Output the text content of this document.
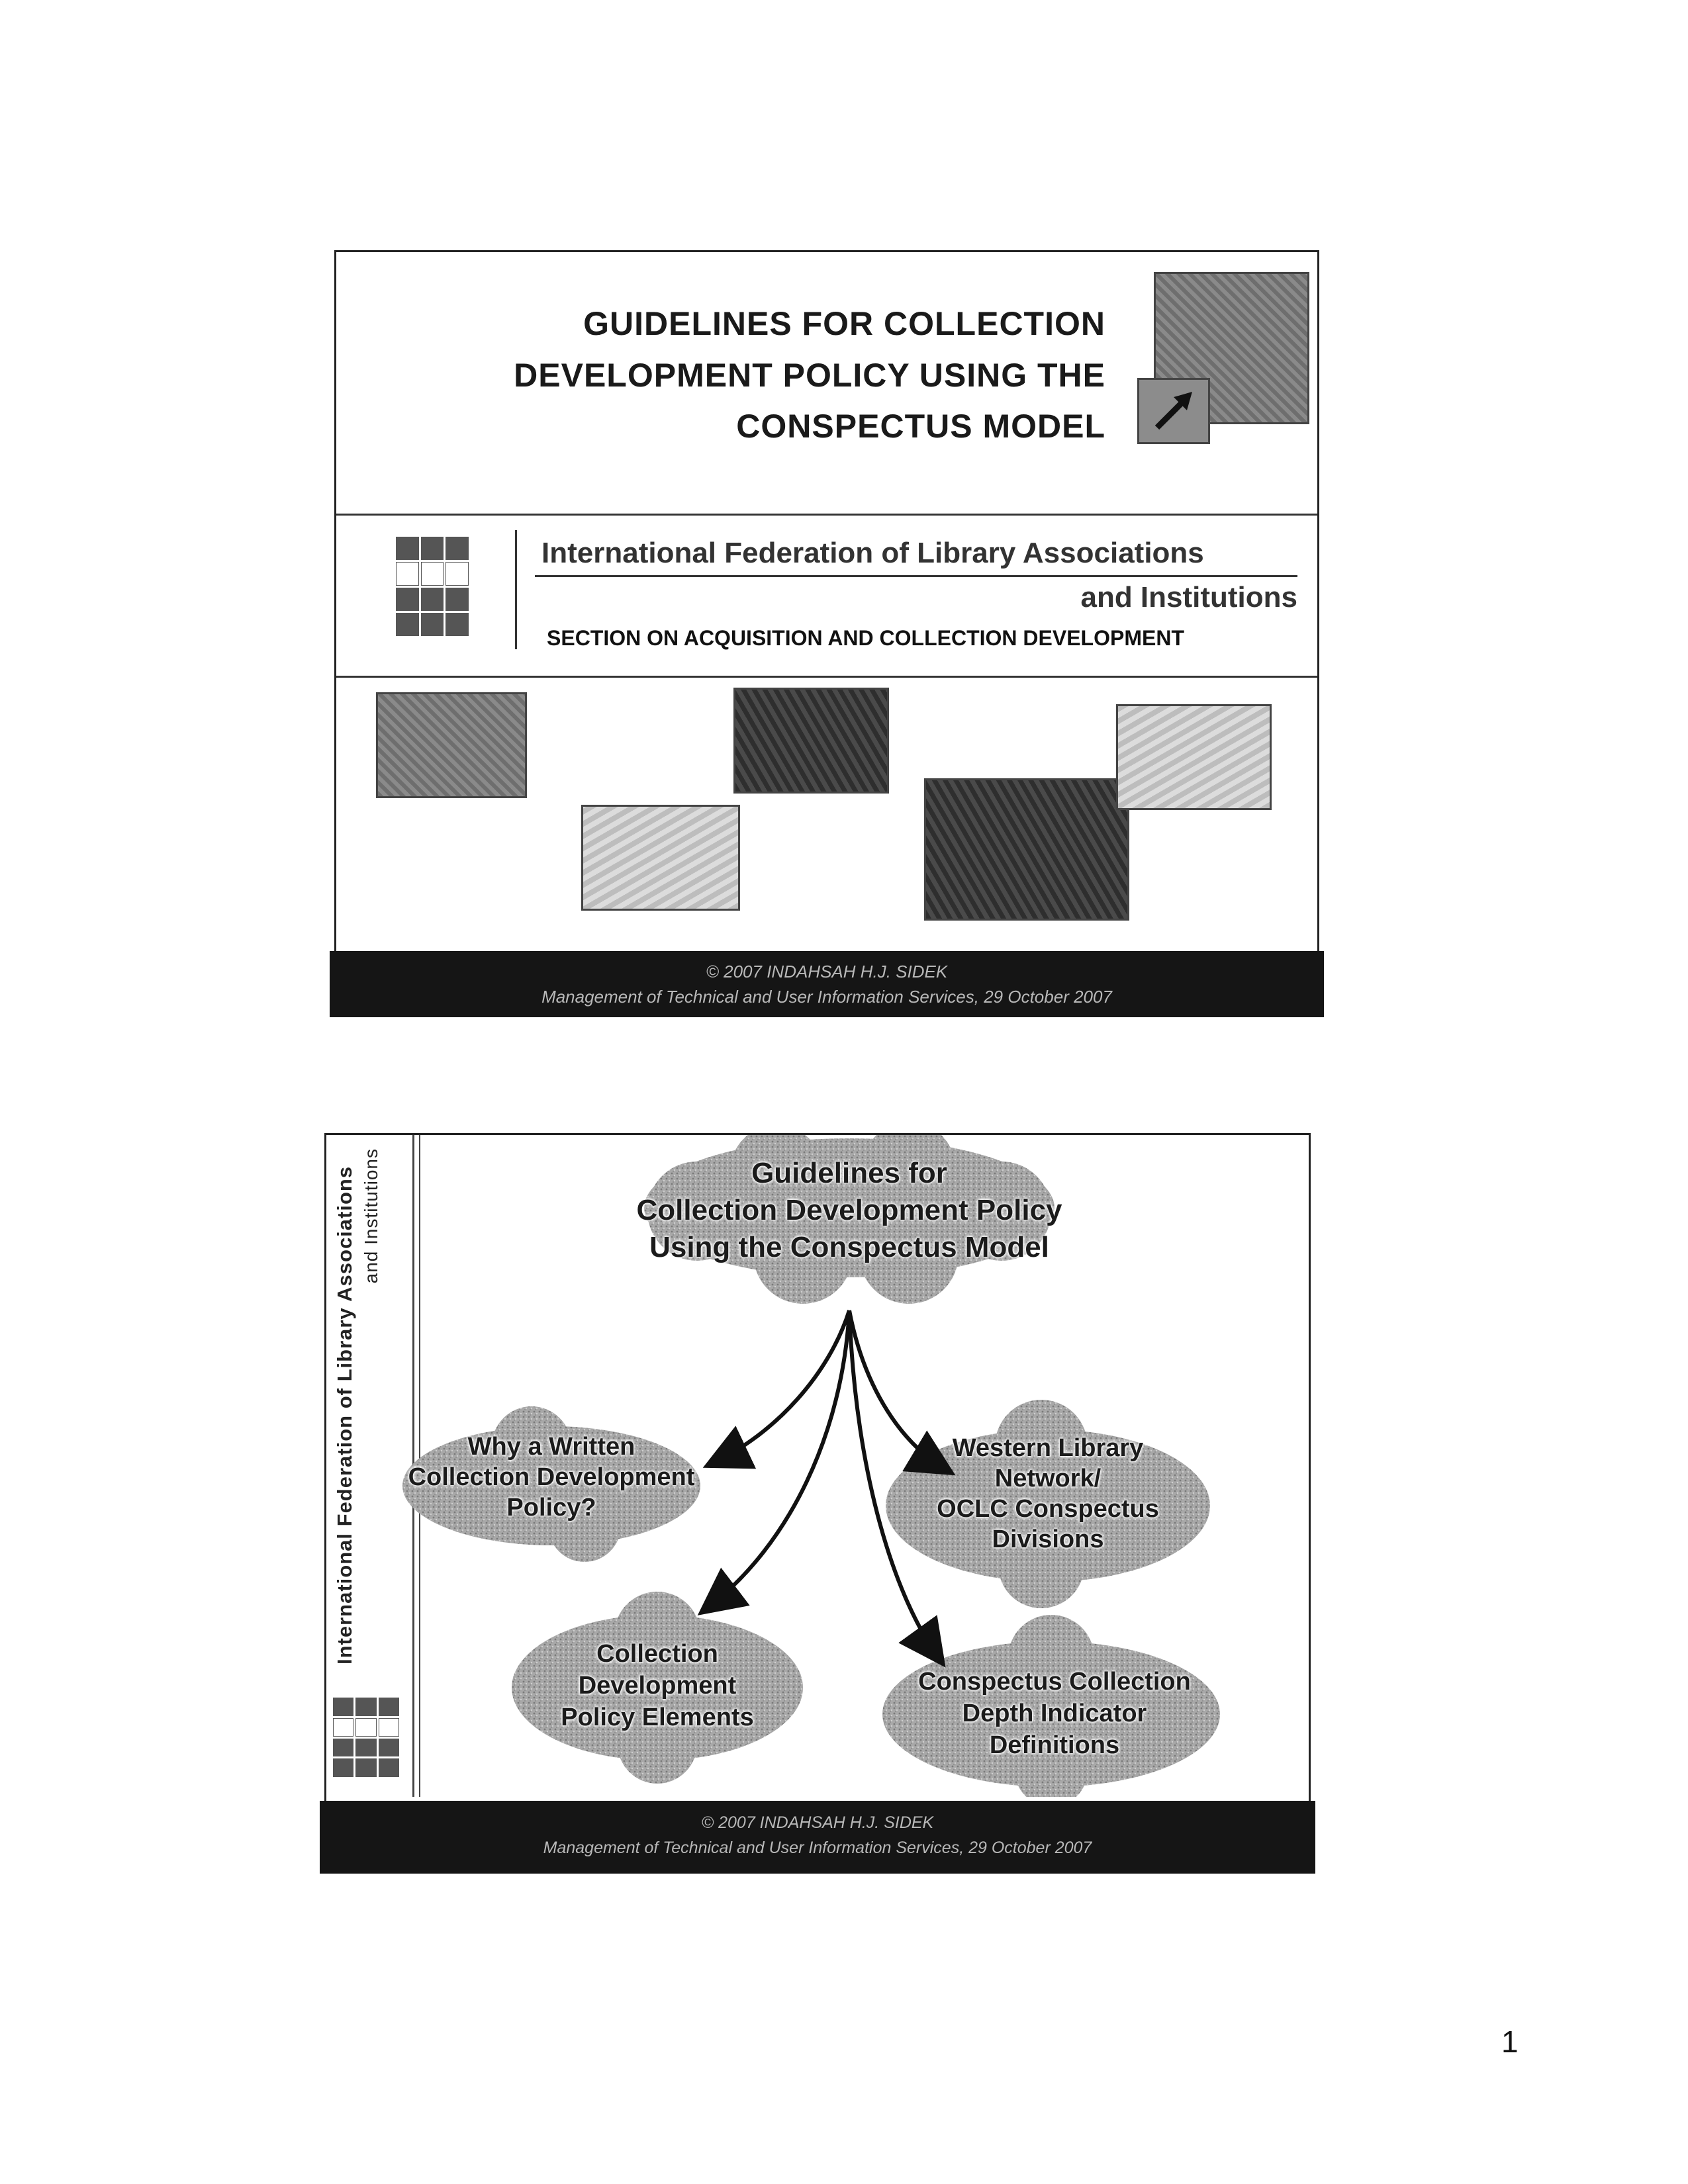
GUIDELINES FOR COLLECTION
DEVELOPMENT POLICY USING THE
CONSPECTUS MODEL
International Federation of Library Associations
and Institutions
SECTION ON ACQUISITION AND COLLECTION DEVELOPMENT
© 2007 INDAHSAH H.J. SIDEK
Management of Technical and User Information Services, 29 October 2007
International Federation of Library Associations and Institutions	Guidelines for
Collection Development Policy
Using the Conspectus Model
Why a Written
Collection Development
Policy?
Western Library
Network/
OCLC Conspectus
Divisions
Collection
Development
Policy Elements
Conspectus Collection
Depth Indicator
Definitions
© 2007 INDAHSAH H.J. SIDEK
Management of Technical and User Information Services, 29 October 2007
1
